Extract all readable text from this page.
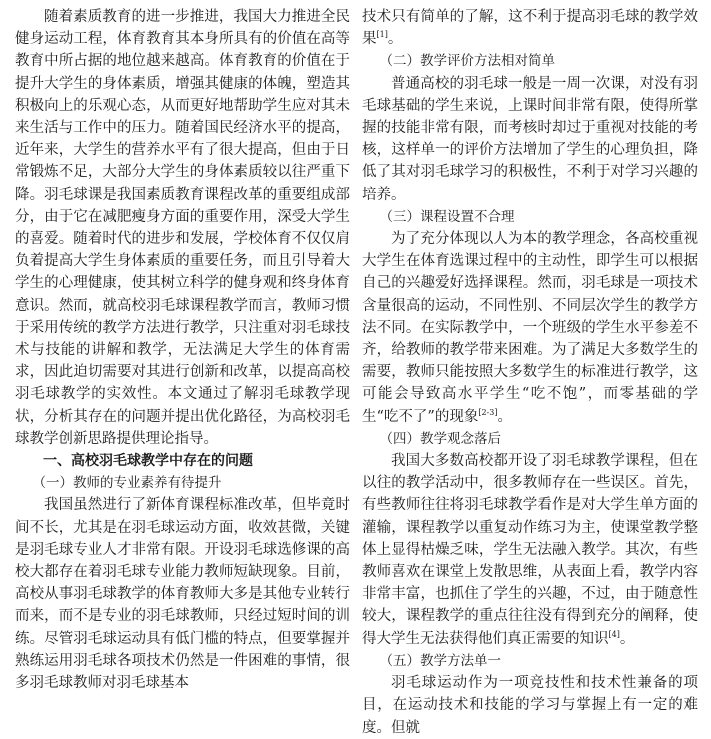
随着素质教育的进一步推进，我国大力推进全民健身运动工程，体育教育其本身所具有的价值在高等教育中所占据的地位越来越高。体育教育的价值在于提升大学生的身体素质，增强其健康的体魄，塑造其积极向上的乐观心态，从而更好地帮助学生应对其未来生活与工作中的压力。随着国民经济水平的提高，近年来，大学生的营养水平有了很大提高，但由于日常锻炼不足，大部分大学生的身体素质较以往严重下降。羽毛球课是我国素质教育课程改革的重要组成部分，由于它在减肥瘦身方面的重要作用，深受大学生的喜爱。随着时代的进步和发展，学校体育不仅仅肩负着提高大学生身体素质的重要任务，而且引导着大学生的心理健康，使其树立科学的健身观和终身体育意识。然而，就高校羽毛球课程教学而言，教师习惯于采用传统的教学方法进行教学，只注重对羽毛球技术与技能的讲解和教学，无法满足大学生的体育需求，因此迫切需要对其进行创新和改革，以提高高校羽毛球教学的实效性。本文通过了解羽毛球教学现状，分析其存在的问题并提出优化路径，为高校羽毛球教学创新思路提供理论指导。

一、高校羽毛球教学中存在的问题

（一）教师的专业素养有待提升

我国虽然进行了新体育课程标准改革，但毕竟时间不长，尤其是在羽毛球运动方面，收效甚微，关键是羽毛球专业人才非常有限。开设羽毛球选修课的高校大都存在着羽毛球专业能力教师短缺现象。目前，高校从事羽毛球教学的体育教师大多是其他专业转行而来，而不是专业的羽毛球教师，只经过短时间的训练。尽管羽毛球运动具有低门槛的特点，但要掌握并熟练运用羽毛球各项技术仍然是一件困难的事情，很多羽毛球教师对羽毛球基本

技术只有简单的了解，这不利于提高羽毛球的教学效果[1]。

（二）教学评价方法相对简单

普通高校的羽毛球一般是一周一次课，对没有羽毛球基础的学生来说，上课时间非常有限，使得所掌握的技能非常有限，而考核时却过于重视对技能的考核，这样单一的评价方法增加了学生的心理负担，降低了其对羽毛球学习的积极性，不利于对学习兴趣的培养。

（三）课程设置不合理

为了充分体现以人为本的教学理念，各高校重视大学生在体育选课过程中的主动性，即学生可以根据自己的兴趣爱好选择课程。然而，羽毛球是一项技术含量很高的运动，不同性别、不同层次学生的教学方法不同。在实际教学中，一个班级的学生水平参差不齐，给教师的教学带来困难。为了满足大多数学生的需要，教师只能按照大多数学生的标准进行教学，这可能会导致高水平学生“吃不饱”，而零基础的学生“吃不了”的现象[2-3]。

（四）教学观念落后

我国大多数高校都开设了羽毛球教学课程，但在以往的教学活动中，很多教师存在一些误区。首先，有些教师往往将羽毛球教学看作是对大学生单方面的灌输，课程教学以重复动作练习为主，使课堂教学整体上显得枯燥乏味，学生无法融入教学。其次，有些教师喜欢在课堂上发散思维，从表面上看，教学内容非常丰富，也抓住了学生的兴趣，不过，由于随意性较大，课程教学的重点往往没有得到充分的阐释，使得大学生无法获得他们真正需要的知识[4]。

（五）教学方法单一

羽毛球运动作为一项竞技性和技术性兼备的项目，在运动技术和技能的学习与掌握上有一定的难度。但就
